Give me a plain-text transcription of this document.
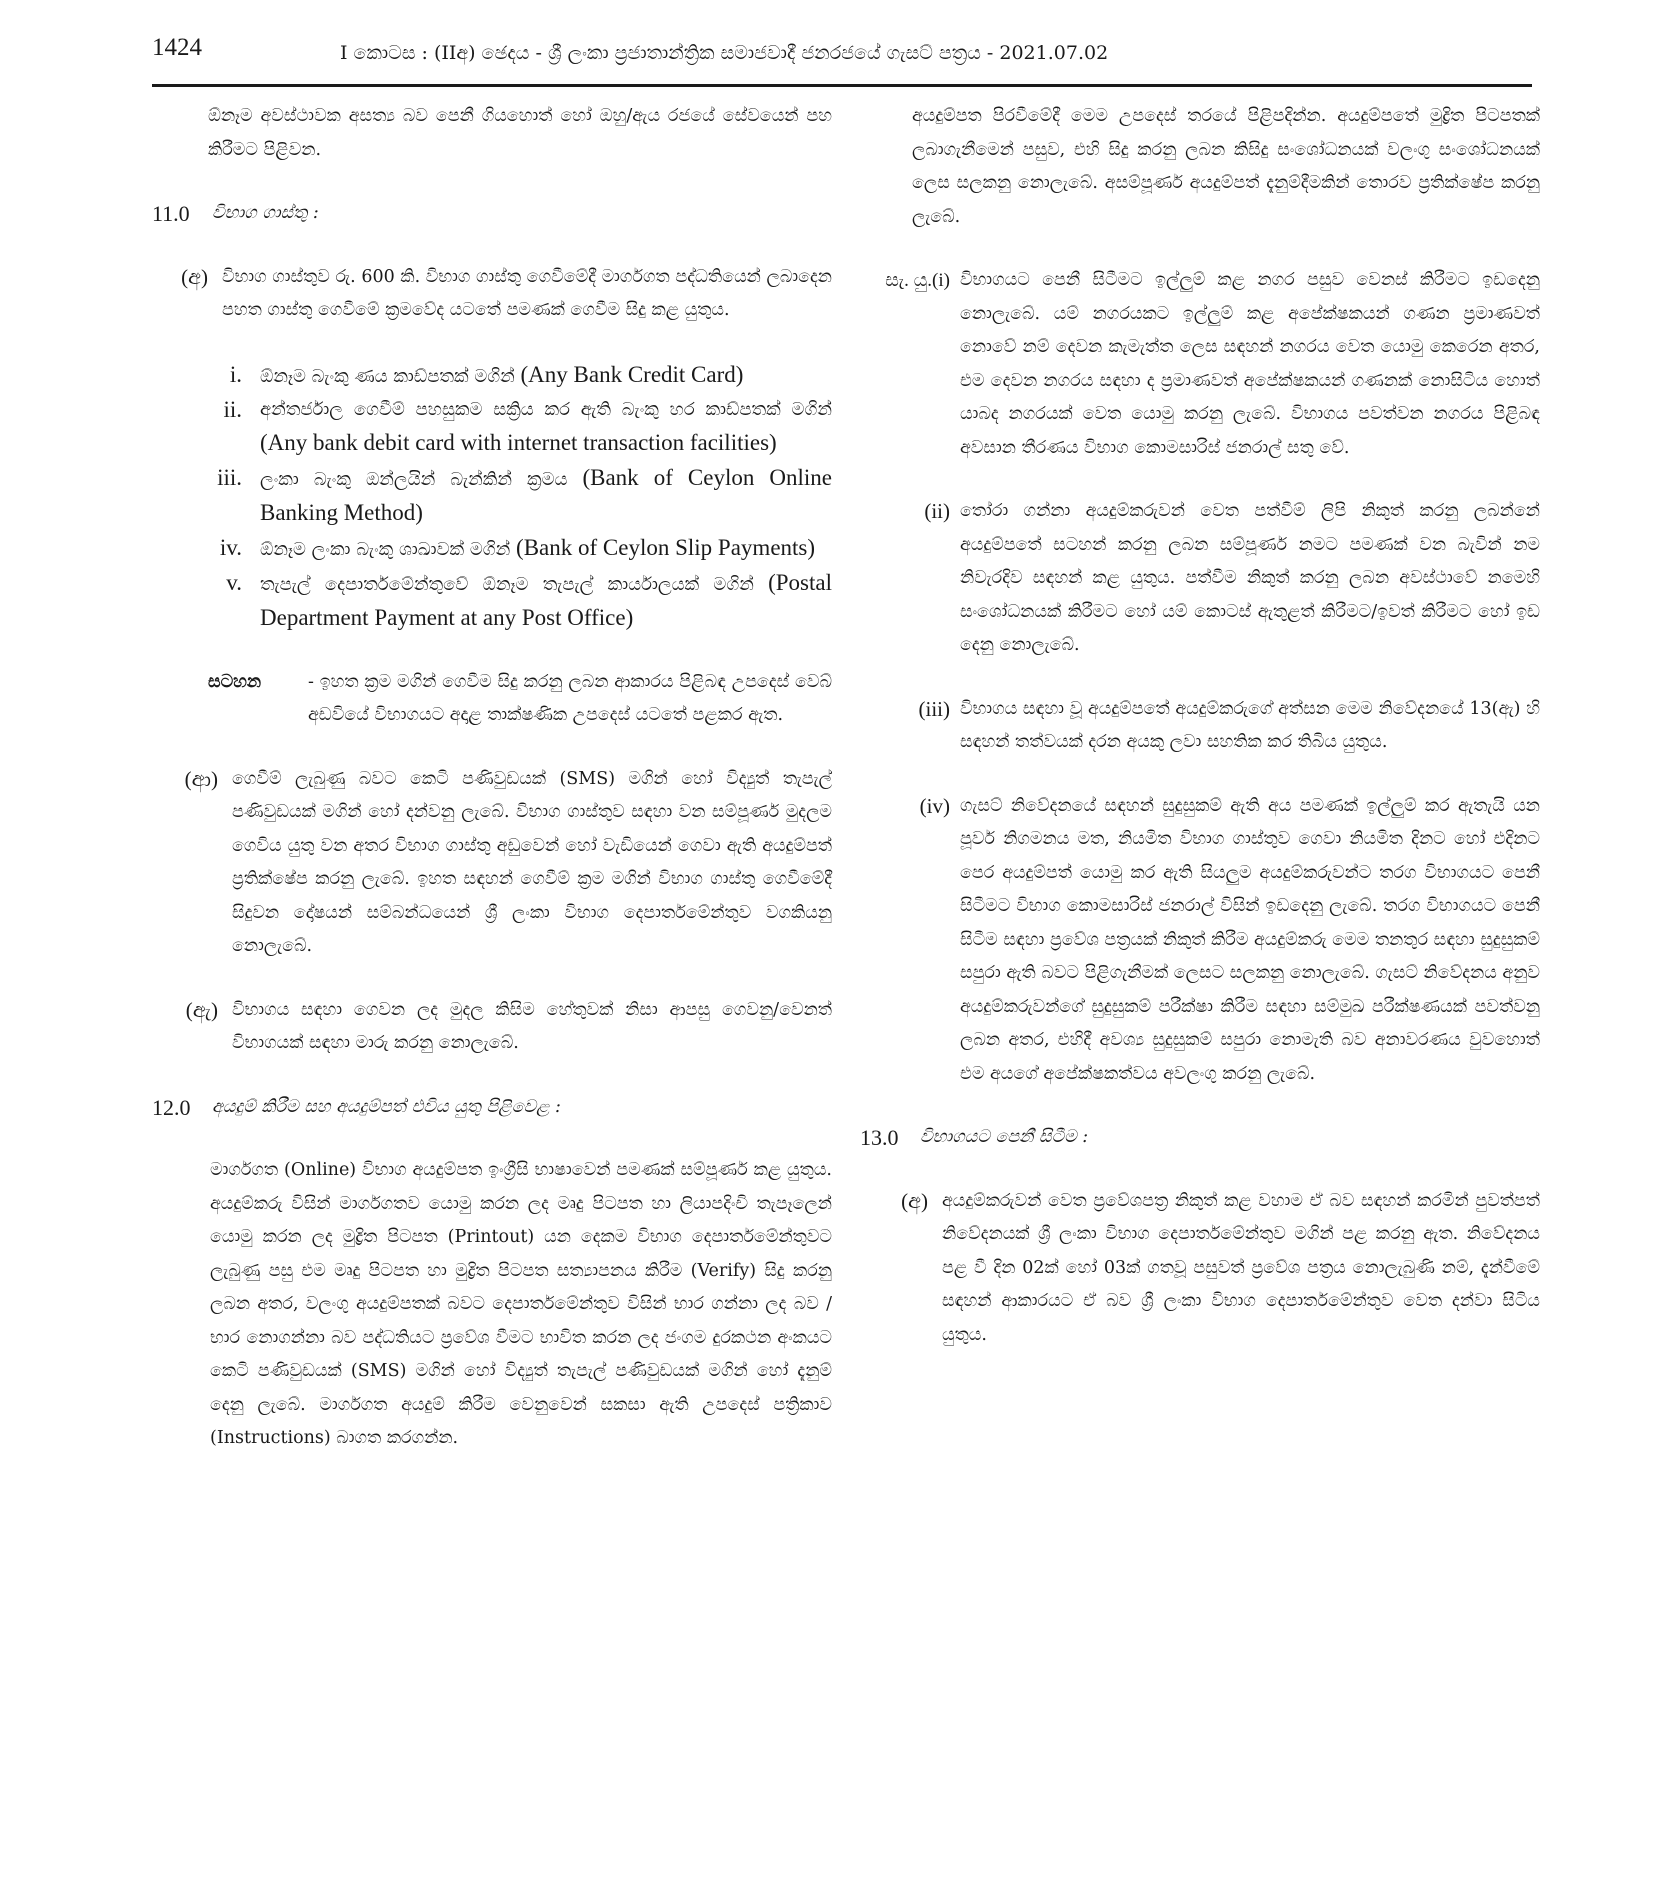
1424	I කොටස : (IIඅ) ඡෙදය - ශ්‍රී ලංකා ප්‍රජාතාන්ත්‍රික සමාජවාදී ජනරජයේ ගැසට් පත්‍රය - 2021.07.02

ඕනෑම අවස්ථාවක අසත්‍ය බව පෙනී ගියහොත් හෝ ඔහු/ඇය රජයේ සේවයෙන් පහ කිරීමට පිළිවන.

11.0	විභාග ගාස්තු :
(අ) විභාග ගාස්තුව රු. 600 කි. විභාග ගාස්තු ගෙවීමේදී මාර්ගගත පද්ධතියෙන් ලබාදෙන පහත ගාස්තු ගෙවීමේ ක්‍රමවේද යටතේ පමණක් ගෙවීම සිදු කළ යුතුය.
i.	ඕනෑම බැංකු ණය කාඩ්පතක් මගින් (Any Bank Credit Card)
ii.	අන්තර්ජාල ගෙවීම් පහසුකම සක්‍රිය කර ඇති බැංකු හර කාඩ්පතක් මගින් (Any bank debit card with internet transaction facilities)
iii.	ලංකා බැංකු ඔන්ලයින් බැන්කින් ක්‍රමය (Bank of Ceylon Online Banking Method)
iv.	ඕනෑම ලංකා බැංකු ශාඛාවක් මගින් (Bank of Ceylon Slip Payments)
v.	තැපැල් දෙපාර්තමේන්තුවේ ඕනෑම තැපැල් කාර්යාලයක් මගින් (Postal Department Payment at any Post Office)
සටහන	- ඉහත ක්‍රම මගින් ගෙවීම සිදු කරනු ලබන ආකාරය පිළිබඳ උපදෙස් වෙබ් අඩවියේ විභාගයට අදාළ තාක්ෂණික උපදෙස් යටතේ පළකර ඇත.
(ආ) ගෙවීම් ලැබුණු බවට කෙටි පණිවුඩයක් (SMS) මගින් හෝ විද්‍යුත් තැපැල් පණිවුඩයක් මගින් හෝ දන්වනු ලැබේ. විභාග ගාස්තුව සඳහා වන සම්පූර්ණ මුදලම ගෙවිය යුතු වන අතර විභාග ගාස්තු අඩුවෙන් හෝ වැඩියෙන් ගෙවා ඇති අයදුම්පත් ප්‍රතික්ෂේප කරනු ලැබේ. ඉහත සඳහන් ගෙවීම් ක්‍රම මගින් විභාග ගාස්තු ගෙවීමේදී සිදුවන දෝෂයන් සම්බන්ධයෙන් ශ්‍රී ලංකා විභාග දෙපාර්තමේන්තුව වගකියනු නොලැබේ.
(ඇ) විභාගය සඳහා ගෙවන ලද මුදල කිසිම හේතුවක් නිසා ආපසු ගෙවනු/වෙනත් විභාගයක් සඳහා මාරු කරනු නොලැබේ.
12.0	අයදුම් කිරීම සහ අයදුම්පත් එවිය යුතු පිළිවෙළ :

මාර්ගගත (Online) විභාග අයදුම්පත ඉංග්‍රීසි භාෂාවෙන් පමණක් සම්පූර්ණ කළ යුතුය. අයදුම්කරු විසින් මාර්ගගතව යොමු කරන ලද මෘදු පිටපත හා ලියාපදිංචි තැපෑලෙන් යොමු කරන ලද මුද්‍රිත පිටපත (Printout) යන දෙකම විභාග දෙපාර්තමේන්තුවට ලැබුණු පසු එම මෘදු පිටපත හා මුද්‍රිත පිටපත සත්‍යාපනය කිරීම (Verify) සිදු කරනු ලබන අතර, වලංගු අයදුම්පතක් බවට දෙපාර්තමේන්තුව විසින් භාර ගන්නා ලද බව /භාර නොගන්නා බව පද්ධතියට ප්‍රවේශ වීමට භාවිත කරන ලද ජංගම දුරකථන අංකයට කෙටි පණිවුඩයක් (SMS) මගින් හෝ විද්‍යුත් තැපැල් පණිවුඩයක් මගින් හෝ දැනුම් දෙනු ලැබේ. මාර්ගගත අයදුම් කිරීම වෙනුවෙන් සකසා ඇති උපදෙස් පත්‍රිකාව (Instructions) බාගත කරගන්න.

අයදුම්පත පිරවීමේදී මෙම උපදෙස් තරයේ පිළිපදින්න. අයදුම්පතේ මුද්‍රිත පිටපතක් ලබාගැනීමෙන් පසුව, එහි සිදු කරනු ලබන කිසිදු සංශෝධනයක් වලංගු සංශෝධනයක් ලෙස සලකනු නොලැබේ. අසම්පූර්ණ අයදුම්පත් දැනුම්දීමකින් තොරව ප්‍රතික්ෂේප කරනු ලැබේ.

සැ. යු.(i) විභාගයට පෙනී සිටීමට ඉල්ලුම් කළ නගර පසුව වෙනස් කිරීමට ඉඩදෙනු නොලැබේ. යම් නගරයකට ඉල්ලුම් කළ අපේක්ෂකයන් ගණන ප්‍රමාණවත් නොවේ නම් දෙවන කැමැත්ත ලෙස සඳහන් නගරය වෙත යොමු කෙරෙන අතර, එම දෙවන නගරය සඳහා ද ප්‍රමාණවත් අපේක්ෂකයන් ගණනක් නොසිටිය හොත් යාබද නගරයක් වෙත යොමු කරනු ලැබේ. විභාගය පවත්වන නගරය පිළිබඳ අවසාන තීරණය විභාග කොමසාරිස් ජනරාල් සතු වේ.
(ii) තෝරා ගන්නා අයදුම්කරුවන් වෙත පත්වීම් ලිපි නිකුත් කරනු ලබන්නේ අයදුම්පතේ සටහන් කරනු ලබන සම්පූර්ණ නමට පමණක් වන බැවින් නම නිවැරදිව සඳහන් කළ යුතුය. පත්වීම නිකුත් කරනු ලබන අවස්ථාවේ නමෙහි සංශෝධනයක් කිරීමට හෝ යම් කොටස් ඇතුළත් කිරීමට/ඉවත් කිරීමට හෝ ඉඩ දෙනු නොලැබේ.
(iii) විභාගය සඳහා වූ අයදුම්පතේ අයදුම්කරුගේ අත්සන මෙම නිවේදනයේ 13(ඇ) හි සඳහන් තත්වයක් දරන අයකු ලවා සහතික කර තිබිය යුතුය.
(iv) ගැසට් නිවේදනයේ සඳහන් සුදුසුකම් ඇති අය පමණක් ඉල්ලුම් කර ඇතැයි යන පූර්ව නිගමනය මත, නියමිත විභාග ගාස්තුව ගෙවා නියමිත දිනට හෝ එදිනට පෙර අයදුම්පත් යොමු කර ඇති සියලුම අයදුම්කරුවන්ට තරග විභාගයට පෙනී සිටීමට විභාග කොමසාරිස් ජනරාල් විසින් ඉඩදෙනු ලැබේ. තරග විභාගයට පෙනී සිටීම සඳහා ප්‍රවේශ පත්‍රයක් නිකුත් කිරීම අයදුම්කරු මෙම තනතුර සඳහා සුදුසුකම් සපුරා ඇති බවට පිළිගැනීමක් ලෙසට සලකනු නොලැබේ. ගැසට් නිවේදනය අනුව අයදුම්කරුවන්ගේ සුදුසුකම් පරීක්ෂා කිරීම සඳහා සම්මුඛ පරීක්ෂණයක් පවත්වනු ලබන අතර, එහිදී අවශ්‍ය සුදුසුකම් සපුරා නොමැති බව අනාවරණය වුවහොත් එම අයගේ අපේක්ෂකත්වය අවලංගු කරනු ලැබේ.
13.0	විභාගයට පෙනී සිටීම :
(අ) අයදුම්කරුවන් වෙත ප්‍රවේශපත්‍ර නිකුත් කළ වහාම ඒ බව සඳහන් කරමින් පුවත්පත් නිවේදනයක් ශ්‍රී ලංකා විභාග දෙපාර්තමේන්තුව මගින් පළ කරනු ඇත. නිවේදනය පළ වී දින 02ක් හෝ 03ක් ගතවූ පසුවත් ප්‍රවේශ පත්‍රය නොලැබුණි නම්, දැන්වීමේ සඳහන් ආකාරයට ඒ බව ශ්‍රී ලංකා විභාග දෙපාර්තමේන්තුව වෙත දන්වා සිටිය යුතුය.
